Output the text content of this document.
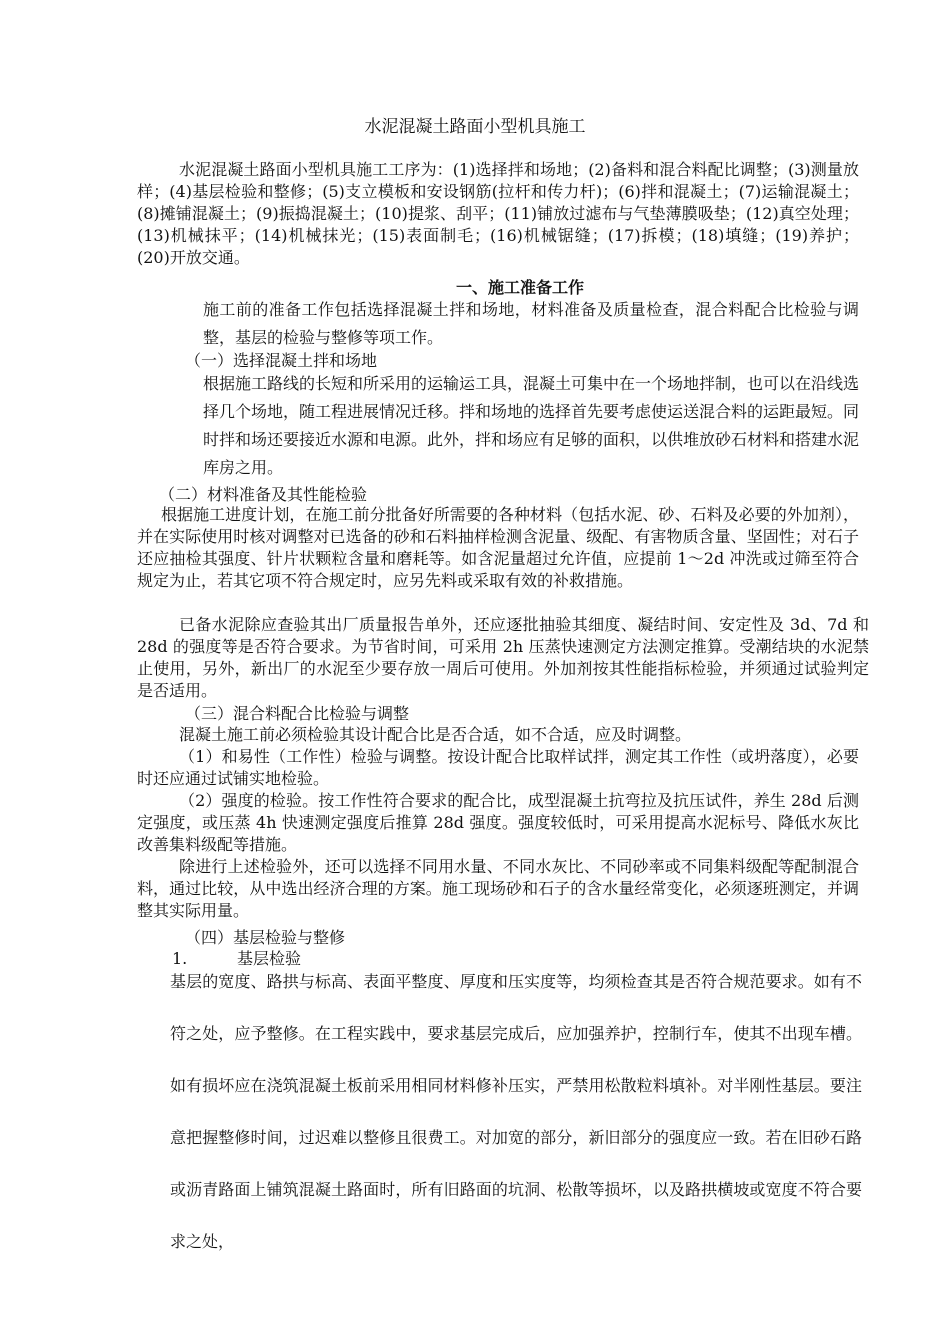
水泥混凝土路面小型机具施工

水泥混凝土路面小型机具施工工序为：(1)选择拌和场地；(2)备料和混合料配比调整；(3)测量放样；(4)基层检验和整修；(5)支立模板和安设钢筋(拉杆和传力杆)；(6)拌和混凝土；(7)运输混凝土；(8)摊铺混凝土；(9)振捣混凝土；(10)提浆、刮平；(11)铺放过滤布与气垫薄膜吸垫；(12)真空处理；(13)机械抹平；(14)机械抹光；(15)表面制毛；(16)机械锯缝；(17)拆模；(18)填缝；(19)养护；(20)开放交通。

一、施工准备工作

施工前的准备工作包括选择混凝土拌和场地，材料准备及质量检查，混合料配合比检验与调整，基层的检验与整修等项工作。

（一）选择混凝土拌和场地

根据施工路线的长短和所采用的运输运工具，混凝土可集中在一个场地拌制，也可以在沿线选择几个场地，随工程进展情况迁移。拌和场地的选择首先要考虑使运送混合料的运距最短。同时拌和场还要接近水源和电源。此外，拌和场应有足够的面积，以供堆放砂石材料和搭建水泥库房之用。

（二）材料准备及其性能检验

根据施工进度计划，在施工前分批备好所需要的各种材料（包括水泥、砂、石料及必要的外加剂），并在实际使用时核对调整对已选备的砂和石料抽样检测含泥量、级配、有害物质含量、坚固性；对石子还应抽检其强度、针片状颗粒含量和磨耗等。如含泥量超过允许值，应提前 1～2d 冲洗或过筛至符合规定为止，若其它项不符合规定时，应另先料或采取有效的补救措施。

已备水泥除应查验其出厂质量报告单外，还应逐批抽验其细度、凝结时间、安定性及 3d、7d 和 28d 的强度等是否符合要求。为节省时间，可采用 2h 压蒸快速测定方法测定推算。受潮结块的水泥禁止使用，另外，新出厂的水泥至少要存放一周后可使用。外加剂按其性能指标检验，并须通过试验判定是否适用。

（三）混合料配合比检验与调整

混凝土施工前必须检验其设计配合比是否合适，如不合适，应及时调整。

（1）和易性（工作性）检验与调整。按设计配合比取样试拌，测定其工作性（或坍落度），必要时还应通过试铺实地检验。

（2）强度的检验。按工作性符合要求的配合比，成型混凝土抗弯拉及抗压试件，养生 28d 后测定强度，或压蒸 4h 快速测定强度后推算 28d 强度。强度较低时，可采用提高水泥标号、降低水灰比改善集料级配等措施。

除进行上述检验外，还可以选择不同用水量、不同水灰比、不同砂率或不同集料级配等配制混合料，通过比较，从中选出经济合理的方案。施工现场砂和石子的含水量经常变化，必须逐班测定，并调整其实际用量。

（四）基层检验与整修
1.	基层检验

基层的宽度、路拱与标高、表面平整度、厚度和压实度等，均须检查其是否符合规范要求。如有不符之处，应予整修。在工程实践中，要求基层完成后，应加强养护，控制行车，使其不出现车槽。如有损坏应在浇筑混凝土板前采用相同材料修补压实，严禁用松散粒料填补。对半刚性基层。要注意把握整修时间，过迟难以整修且很费工。对加宽的部分，新旧部分的强度应一致。若在旧砂石路或沥青路面上铺筑混凝土路面时，所有旧路面的坑洞、松散等损坏，以及路拱横坡或宽度不符合要求之处，
